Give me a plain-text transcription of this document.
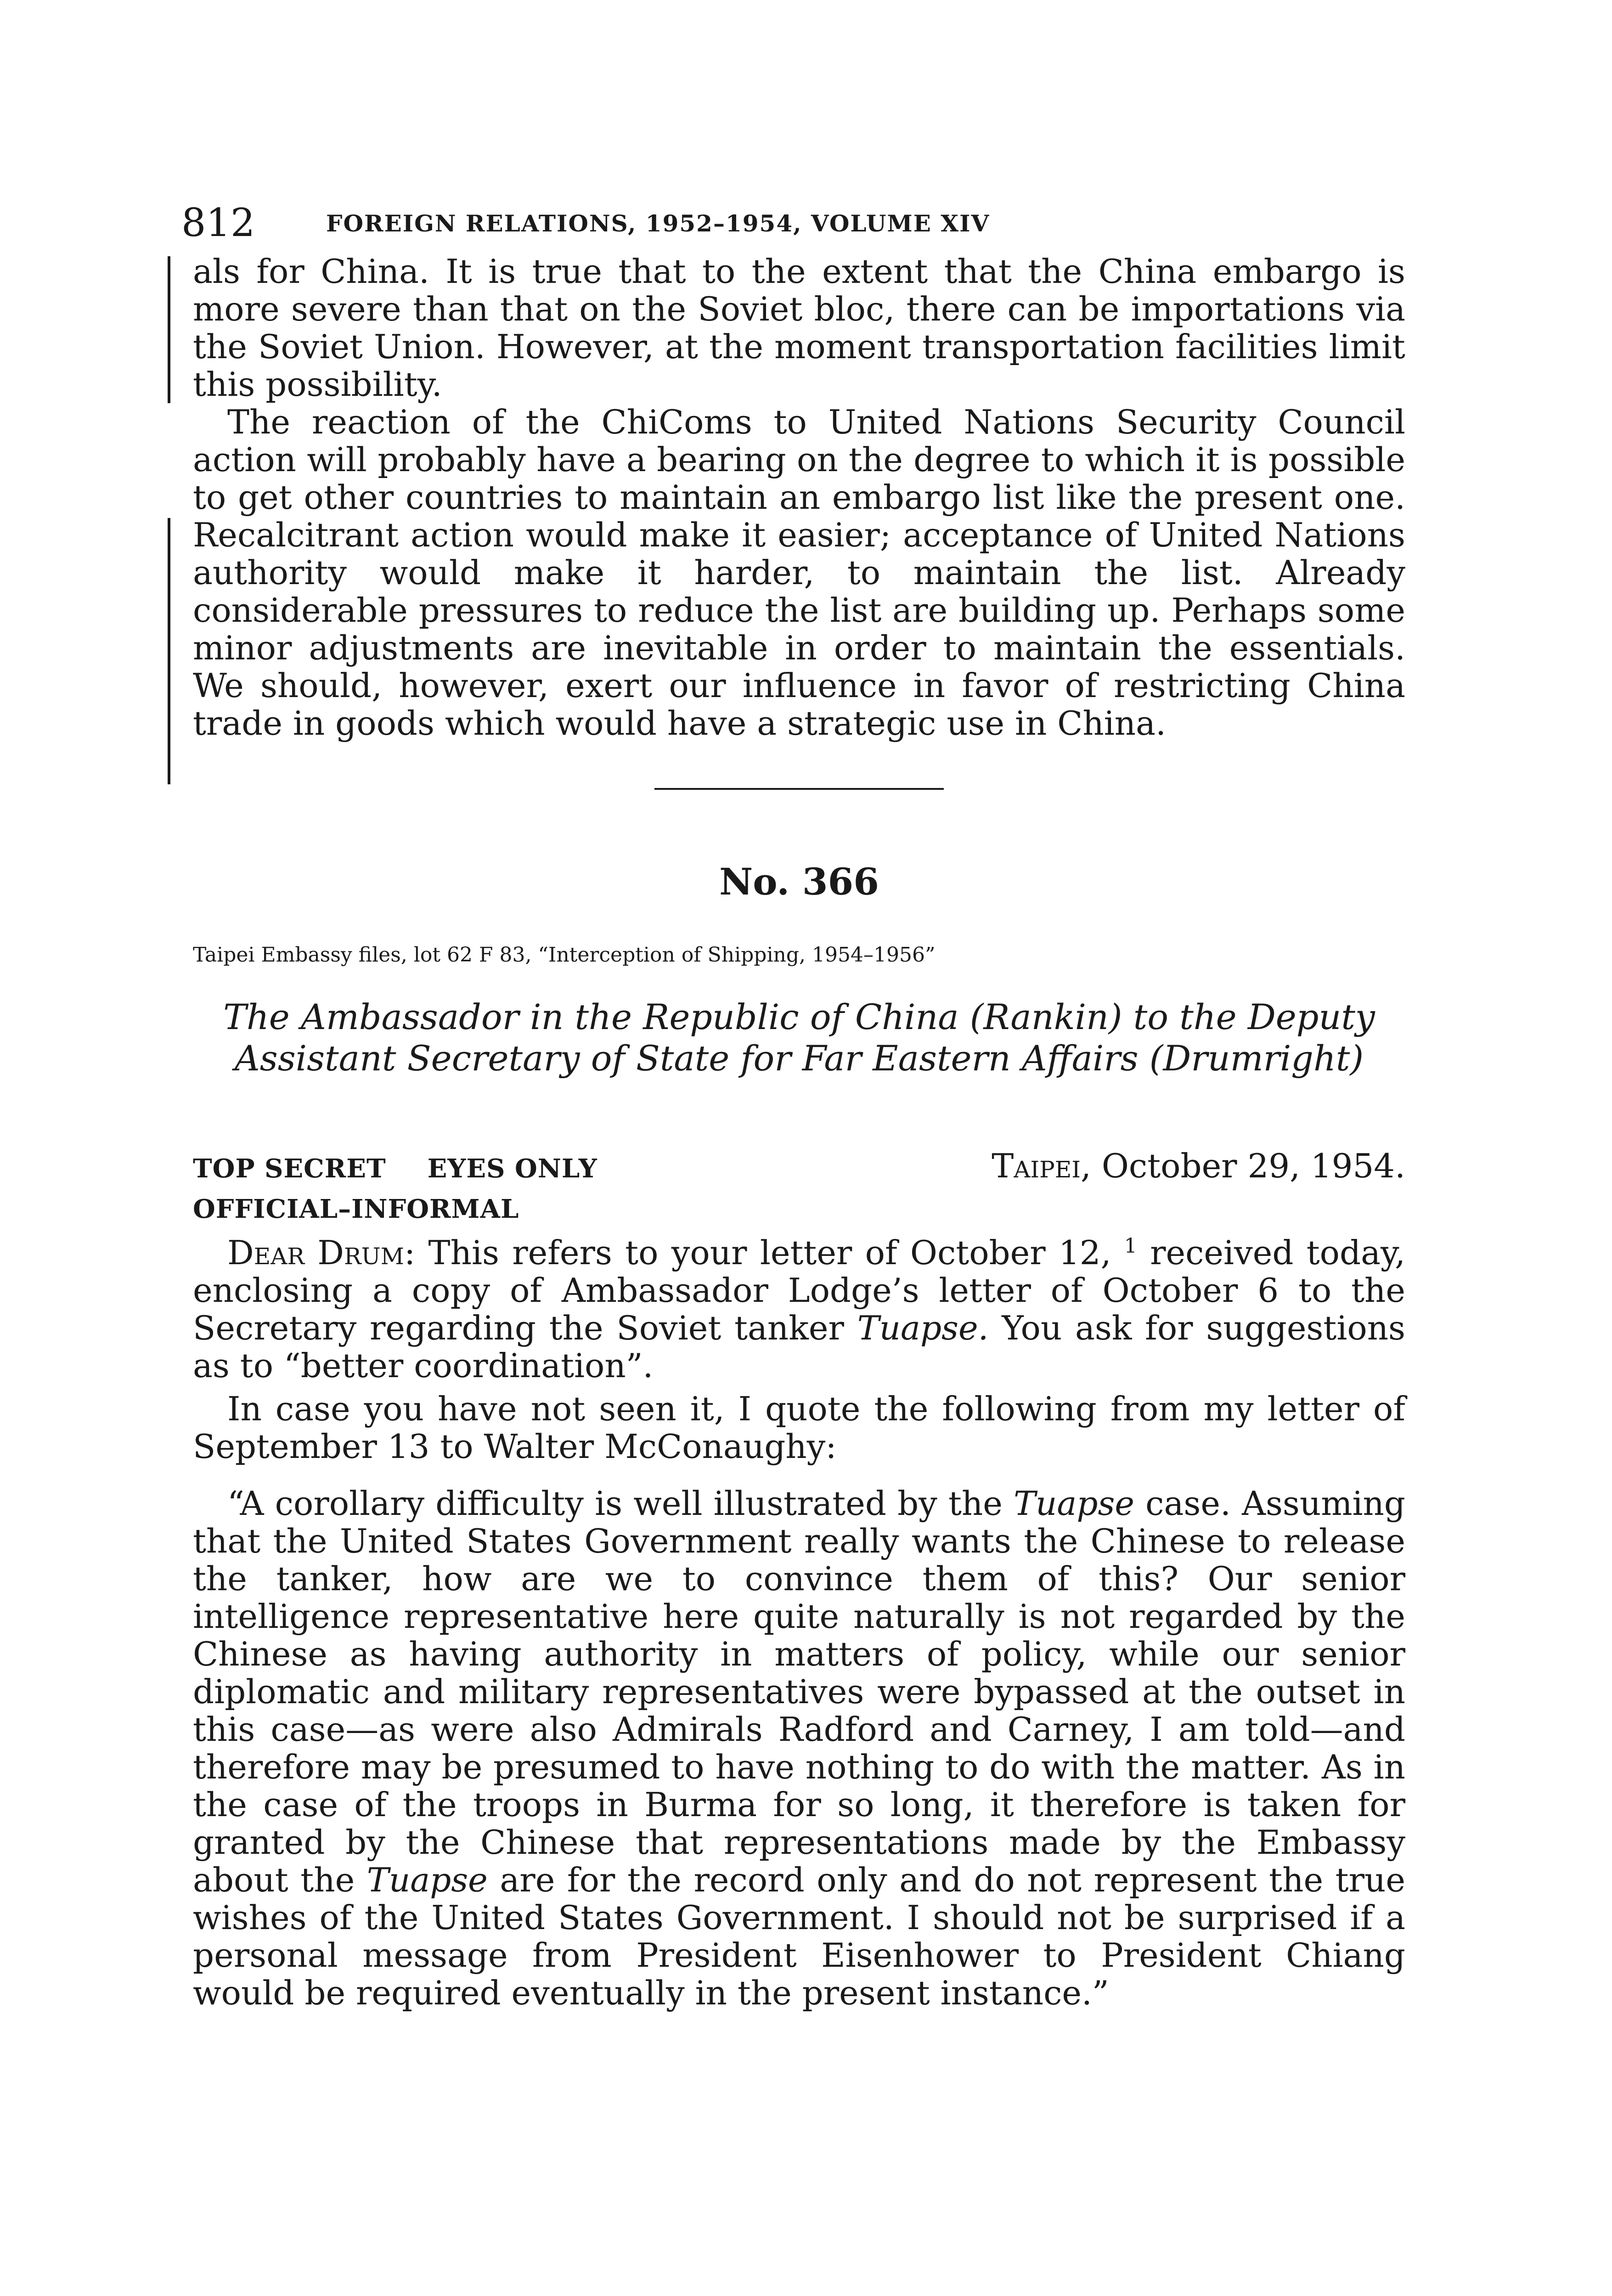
812	FOREIGN RELATIONS, 1952–1954, VOLUME XIV

als for China. It is true that to the extent that the China embargo is more severe than that on the Soviet bloc, there can be importations via the Soviet Union. However, at the moment transportation facilities limit this possibility.

The reaction of the ChiComs to United Nations Security Council action will probably have a bearing on the degree to which it is possible to get other countries to maintain an embargo list like the present one. Recalcitrant action would make it easier; acceptance of United Nations authority would make it harder, to maintain the list. Already considerable pressures to reduce the list are building up. Perhaps some minor adjustments are inevitable in order to maintain the essentials. We should, however, exert our influence in favor of restricting China trade in goods which would have a strategic use in China.

No. 366
Taipei Embassy files, lot 62 F 83, “Interception of Shipping, 1954–1956”
The Ambassador in the Republic of China (Rankin) to the Deputy
Assistant Secretary of State for Far Eastern Affairs (Drumright)
TOP SECRET EYES ONLY
OFFICIAL–INFORMAL
Taipei, October 29, 1954.

Dear Drum: This refers to your letter of October 12, $^1$ received today, enclosing a copy of Ambassador Lodge’s letter of October 6 to the Secretary regarding the Soviet tanker Tuapse. You ask for suggestions as to “better coordination”.

In case you have not seen it, I quote the following from my letter of September 13 to Walter McConaughy:

“A corollary difficulty is well illustrated by the Tuapse case. Assuming that the United States Government really wants the Chinese to release the tanker, how are we to convince them of this? Our senior intelligence representative here quite naturally is not regarded by the Chinese as having authority in matters of policy, while our senior diplomatic and military representatives were bypassed at the outset in this case—as were also Admirals Radford and Carney, I am told—and therefore may be presumed to have nothing to do with the matter. As in the case of the troops in Burma for so long, it therefore is taken for granted by the Chinese that representations made by the Embassy about the Tuapse are for the record only and do not represent the true wishes of the United States Government. I should not be surprised if a personal message from President Eisenhower to President Chiang would be required eventually in the present instance.”
